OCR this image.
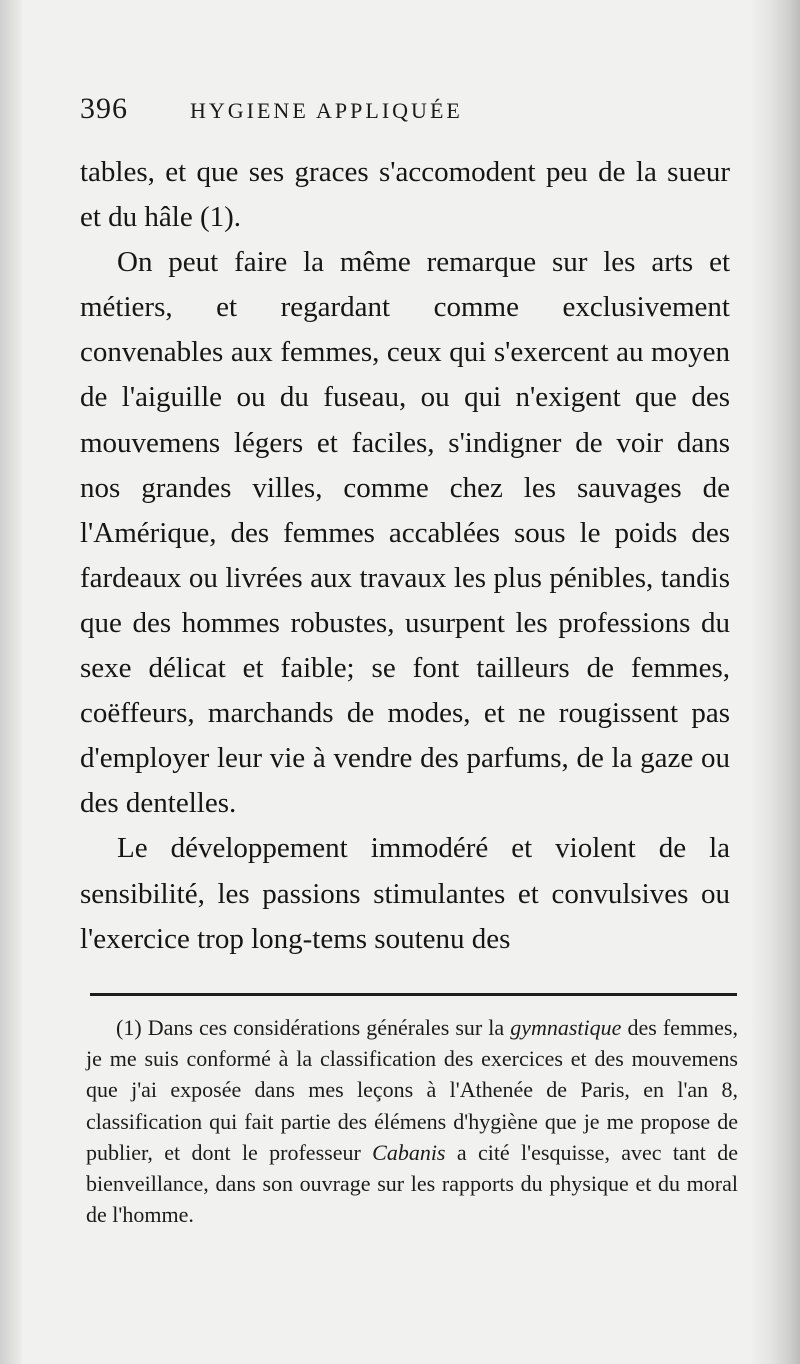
396	HYGIENE APPLIQUÉE

tables, et que ses graces s'accomodent peu de la sueur et du hâle (1).

On peut faire la même remarque sur les arts et métiers, et regardant comme exclusivement convenables aux femmes, ceux qui s'exercent au moyen de l'aiguille ou du fuseau, ou qui n'exigent que des mouvemens légers et faciles, s'indigner de voir dans nos grandes villes, comme chez les sauvages de l'Amérique, des femmes accablées sous le poids des fardeaux ou livrées aux travaux les plus pénibles, tandis que des hommes robustes, usurpent les professions du sexe délicat et faible; se font tailleurs de femmes, coëffeurs, marchands de modes, et ne rougissent pas d'employer leur vie à vendre des parfums, de la gaze ou des dentelles.

Le développement immodéré et violent de la sensibilité, les passions stimulantes et convulsives ou l'exercice trop long-tems soutenu des

(1) Dans ces considérations générales sur la gymnastique des femmes, je me suis conformé à la classification des exercices et des mouvemens que j'ai exposée dans mes leçons à l'Athenée de Paris, en l'an 8, classification qui fait partie des élémens d'hygiène que je me propose de publier, et dont le professeur Cabanis a cité l'esquisse, avec tant de bienveillance, dans son ouvrage sur les rapports du physique et du moral de l'homme.
